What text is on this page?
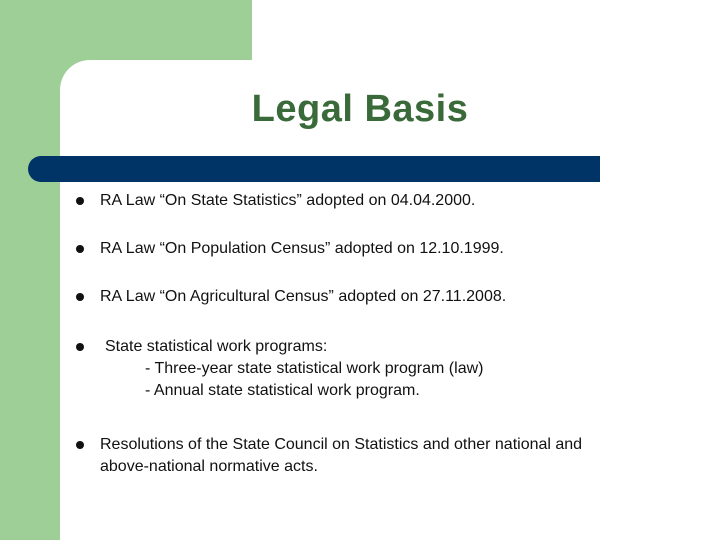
Legal Basis
RA Law “On State Statistics” adopted on 04.04.2000.
RA Law “On Population Census” adopted on 12.10.1999.
RA Law “On Agricultural Census” adopted on 27.11.2008.
State statistical work programs:
- Three-year state statistical work program (law)
- Annual state statistical work program.
Resolutions of the State Council on Statistics and other national and
above-national normative acts.
